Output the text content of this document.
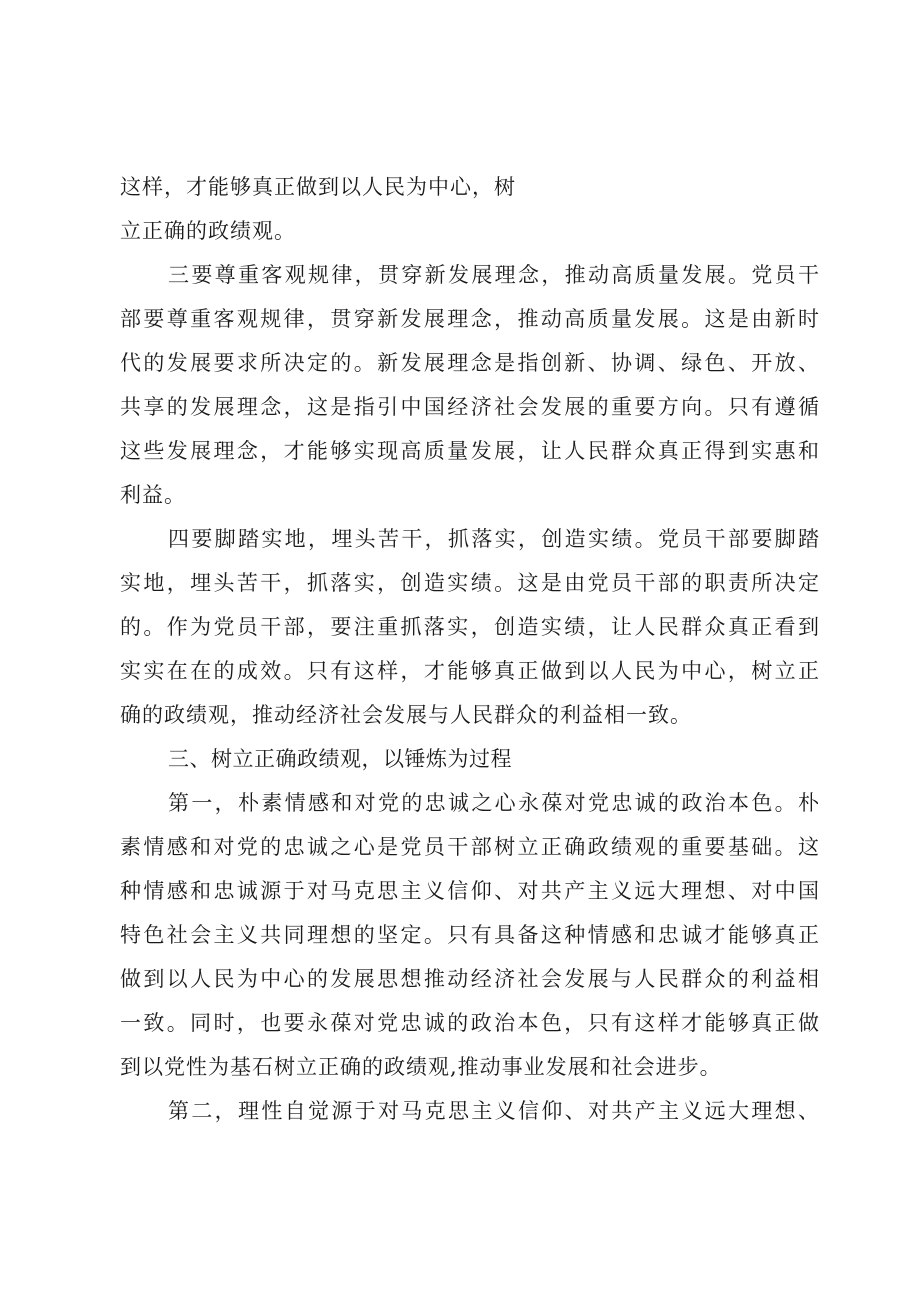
这样，才能够真正做到以人民为中心，树
立正确的政绩观。
三要尊重客观规律，贯穿新发展理念，推动高质量发展。党员干
部要尊重客观规律，贯穿新发展理念，推动高质量发展。这是由新时
代的发展要求所决定的。新发展理念是指创新、协调、绿色、开放、
共享的发展理念，这是指引中国经济社会发展的重要方向。只有遵循
这些发展理念，才能够实现高质量发展，让人民群众真正得到实惠和
利益。
四要脚踏实地，埋头苦干，抓落实，创造实绩。党员干部要脚踏
实地，埋头苦干，抓落实，创造实绩。这是由党员干部的职责所决定
的。作为党员干部，要注重抓落实，创造实绩，让人民群众真正看到
实实在在的成效。只有这样，才能够真正做到以人民为中心，树立正
确的政绩观，推动经济社会发展与人民群众的利益相一致。
三、树立正确政绩观，以锤炼为过程
第一，朴素情感和对党的忠诚之心永葆对党忠诚的政治本色。朴
素情感和对党的忠诚之心是党员干部树立正确政绩观的重要基础。这
种情感和忠诚源于对马克思主义信仰、对共产主义远大理想、对中国
特色社会主义共同理想的坚定。只有具备这种情感和忠诚才能够真正
做到以人民为中心的发展思想推动经济社会发展与人民群众的利益相
一致。同时，也要永葆对党忠诚的政治本色，只有这样才能够真正做
到以党性为基石树立正确的政绩观,推动事业发展和社会进步。
第二，理性自觉源于对马克思主义信仰、对共产主义远大理想、
